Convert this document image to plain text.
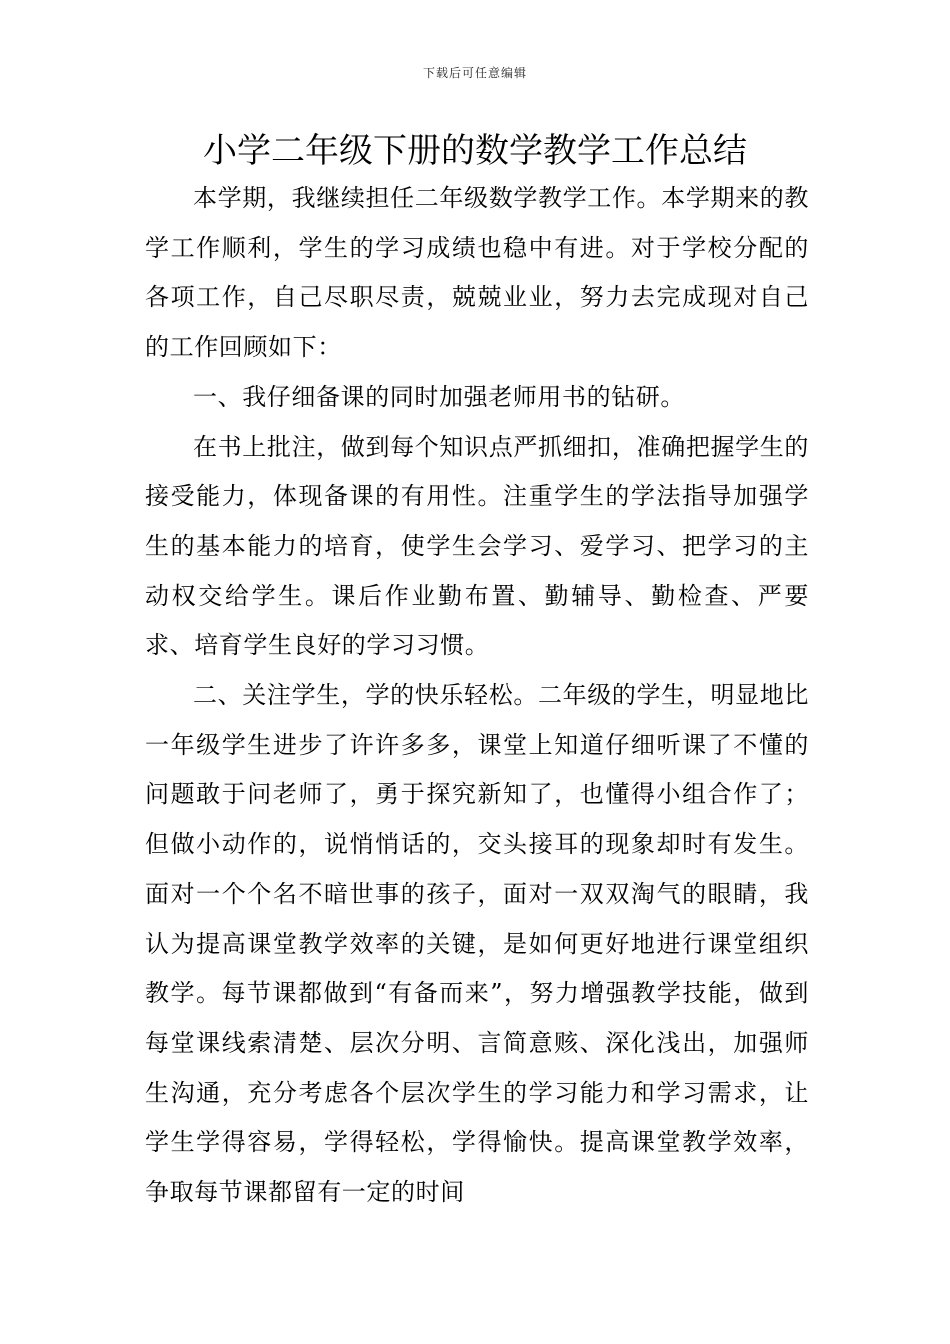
下载后可任意编辑
小学二年级下册的数学教学工作总结

本学期，我继续担任二年级数学教学工作。本学期来的教学工作顺利，学生的学习成绩也稳中有进。对于学校分配的各项工作，自己尽职尽责，兢兢业业，努力去完成现对自己的工作回顾如下：

一、我仔细备课的同时加强老师用书的钻研。

在书上批注，做到每个知识点严抓细扣，准确把握学生的接受能力，体现备课的有用性。注重学生的学法指导加强学生的基本能力的培育，使学生会学习、爱学习、把学习的主动权交给学生。课后作业勤布置、勤辅导、勤检查、严要求、培育学生良好的学习习惯。

二、关注学生，学的快乐轻松。二年级的学生，明显地比一年级学生进步了许许多多，课堂上知道仔细听课了不懂的问题敢于问老师了，勇于探究新知了，也懂得小组合作了；但做小动作的，说悄悄话的，交头接耳的现象却时有发生。面对一个个名不暗世事的孩子，面对一双双淘气的眼睛，我认为提高课堂教学效率的关键，是如何更好地进行课堂组织教学。每节课都做到“有备而来”，努力增强教学技能，做到每堂课线索清楚、层次分明、言简意赅、深化浅出，加强师生沟通，充分考虑各个层次学生的学习能力和学习需求，让学生学得容易，学得轻松，学得愉快。提高课堂教学效率，争取每节课都留有一定的时间
